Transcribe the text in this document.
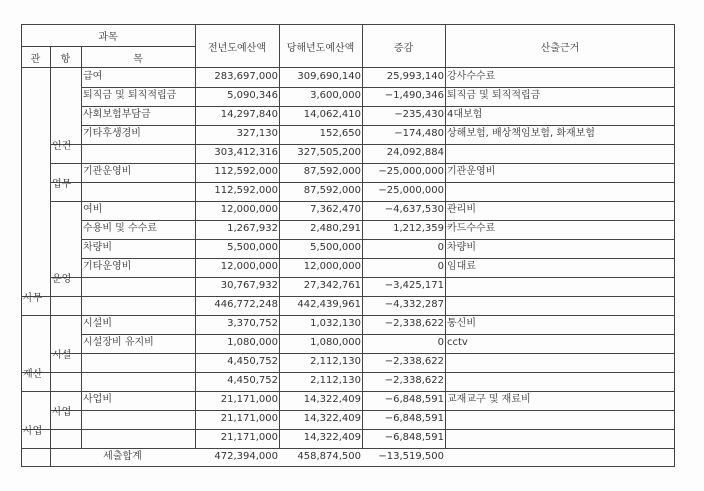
과목
관	항	목
전년도예산액	당해년도예산액	증감	산출근거
급여	283,697,000	309,690,140	25,993,140 강사수수료
퇴직금 및 퇴직적립금	5,090,346	3,600,000	−1,490,346 퇴직금 및 퇴직적립금
사회보험부담금	14,297,840	14,062,410	−235,430 4대보험
기타후생경비	327,130	152,650	−174,480 상해보험, 배상책임보험, 화재보험
인건
303,412,316	327,505,200	24,092,884
기관운영비	112,592,000	87,592,000	−25,000,000 기관운영비
업무
112,592,000	87,592,000	−25,000,000
여비	12,000,000	7,362,470	−4,637,530 관리비
수용비 및 수수료	1,267,932	2,480,291	1,212,359 카드수수료
차량비	5,500,000	5,500,000	0 차량비
기타운영비	12,000,000	12,000,000	0 임대료
운영
30,767,932	27,342,761	−3,425,171
사무
446,772,248	442,439,961	−4,332,287
시설비	3,370,752	1,032,130	−2,338,622 통신비
시설장비 유지비	1,080,000	1,080,000	0 cctv
시설
4,450,752	2,112,130	−2,338,622
재산
4,450,752	2,112,130	−2,338,622
사업비	21,171,000	14,322,409	−6,848,591 교재교구 및 재료비
사업
21,171,000	14,322,409	−6,848,591
사업
21,171,000	14,322,409	−6,848,591
세출합계	472,394,000	458,874,500	−13,519,500
